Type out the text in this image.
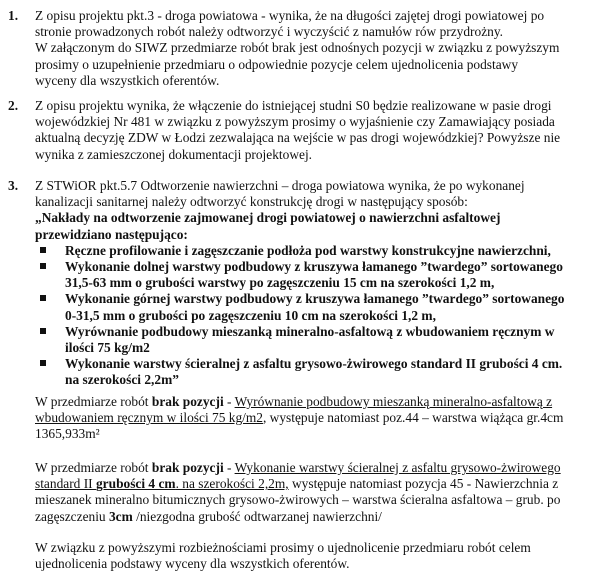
1. Z opisu projektu pkt.3 - droga powiatowa - wynika, że na długości zajętej drogi powiatowej po

stronie prowadzonych robót należy odtworzyć i wyczyścić z namułów rów przydrożny.

W załączonym do SIWZ przedmiarze robót brak jest odnośnych pozycji w związku z powyższym

prosimy o uzupełnienie przedmiaru o odpowiednie pozycje celem ujednolicenia podstawy

wyceny dla wszystkich oferentów.

2. Z opisu projektu wynika, że włączenie do istniejącej studni S0 będzie realizowane w pasie drogi

wojewódzkiej Nr 481 w związku z powyższym prosimy o wyjaśnienie czy Zamawiający posiada

aktualną decyzję ZDW w Łodzi zezwalająca na wejście w pas drogi wojewódzkiej? Powyższe nie

wynika z zamieszczonej dokumentacji projektowej.

3. Z STWiOR pkt.5.7 Odtworzenie nawierzchni – droga powiatowa wynika, że po wykonanej

kanalizacji sanitarnej należy odtworzyć konstrukcję drogi w następujący sposób:

„Nakłady na odtworzenie zajmowanej drogi powiatowej o nawierzchni asfaltowej

przewidziano następująco:

Ręczne profilowanie i zagęszczanie podłoża pod warstwy konstrukcyjne nawierzchni,
Wykonanie dolnej warstwy podbudowy z kruszywa łamanego ”twardego” sortowanego
31,5-63 mm o grubości warstwy po zagęszczeniu 15 cm na szerokości 1,2 m,
Wykonanie górnej warstwy podbudowy z kruszywa łamanego ”twardego” sortowanego
0-31,5 mm o grubości po zagęszczeniu 10 cm na szerokości 1,2 m,
Wyrównanie podbudowy mieszanką mineralno-asfaltową z wbudowaniem ręcznym w
ilości 75 kg/m2
Wykonanie warstwy ścieralnej z asfaltu grysowo-żwirowego standard II grubości 4 cm.
na szerokości 2,2m”

W przedmiarze robót brak pozycji - Wyrównanie podbudowy mieszanką mineralno-asfaltową z

wbudowaniem ręcznym w ilości 75 kg/m2, występuje natomiast poz.44 – warstwa wiążąca gr.4cm

1365,933m²

W przedmiarze robót brak pozycji - Wykonanie warstwy ścieralnej z asfaltu grysowo-żwirowego

standard II grubości 4 cm. na szerokości 2,2m, występuje natomiast pozycja 45 - Nawierzchnia z

mieszanek mineralno bitumicznych grysowo-żwirowych – warstwa ścieralna asfaltowa – grub. po

zagęszczeniu 3cm /niezgodna grubość odtwarzanej nawierzchni/

W związku z powyższymi rozbieżnościami prosimy o ujednolicenie przedmiaru robót celem

ujednolicenia podstawy wyceny dla wszystkich oferentów.
